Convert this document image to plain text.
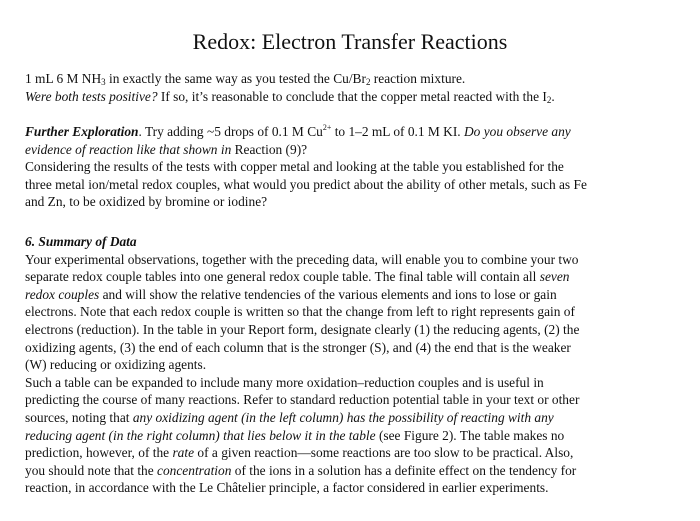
Redox: Electron Transfer Reactions
1 mL 6 M $NH_3$ in exactly the same way as you tested the $Cu/Br_2$ reaction mixture.
Were both tests positive? If so, it’s reasonable to conclude that the copper metal reacted with the $I_2$.
Further Exploration. Try adding ~5 drops of 0.1 M $Cu^{2+}$ to 1–2 mL of 0.1 M KI. Do you observe any
evidence of reaction like that shown in Reaction (9)?
Considering the results of the tests with copper metal and looking at the table you established for the
three metal ion/metal redox couples, what would you predict about the ability of other metals, such as Fe
and Zn, to be oxidized by bromine or iodine?
6. Summary of Data
Your experimental observations, together with the preceding data, will enable you to combine your two
separate redox couple tables into one general redox couple table. The final table will contain all seven
redox couples and will show the relative tendencies of the various elements and ions to lose or gain
electrons. Note that each redox couple is written so that the change from left to right represents gain of
electrons (reduction). In the table in your Report form, designate clearly (1) the reducing agents, (2) the
oxidizing agents, (3) the end of each column that is the stronger (S), and (4) the end that is the weaker
(W) reducing or oxidizing agents.
Such a table can be expanded to include many more oxidation–reduction couples and is useful in
predicting the course of many reactions. Refer to standard reduction potential table in your text or other
sources, noting that any oxidizing agent (in the left column) has the possibility of reacting with any
reducing agent (in the right column) that lies below it in the table (see Figure 2). The table makes no
prediction, however, of the rate of a given reaction—some reactions are too slow to be practical. Also,
you should note that the concentration of the ions in a solution has a definite effect on the tendency for
reaction, in accordance with the Le Châtelier principle, a factor considered in earlier experiments.
